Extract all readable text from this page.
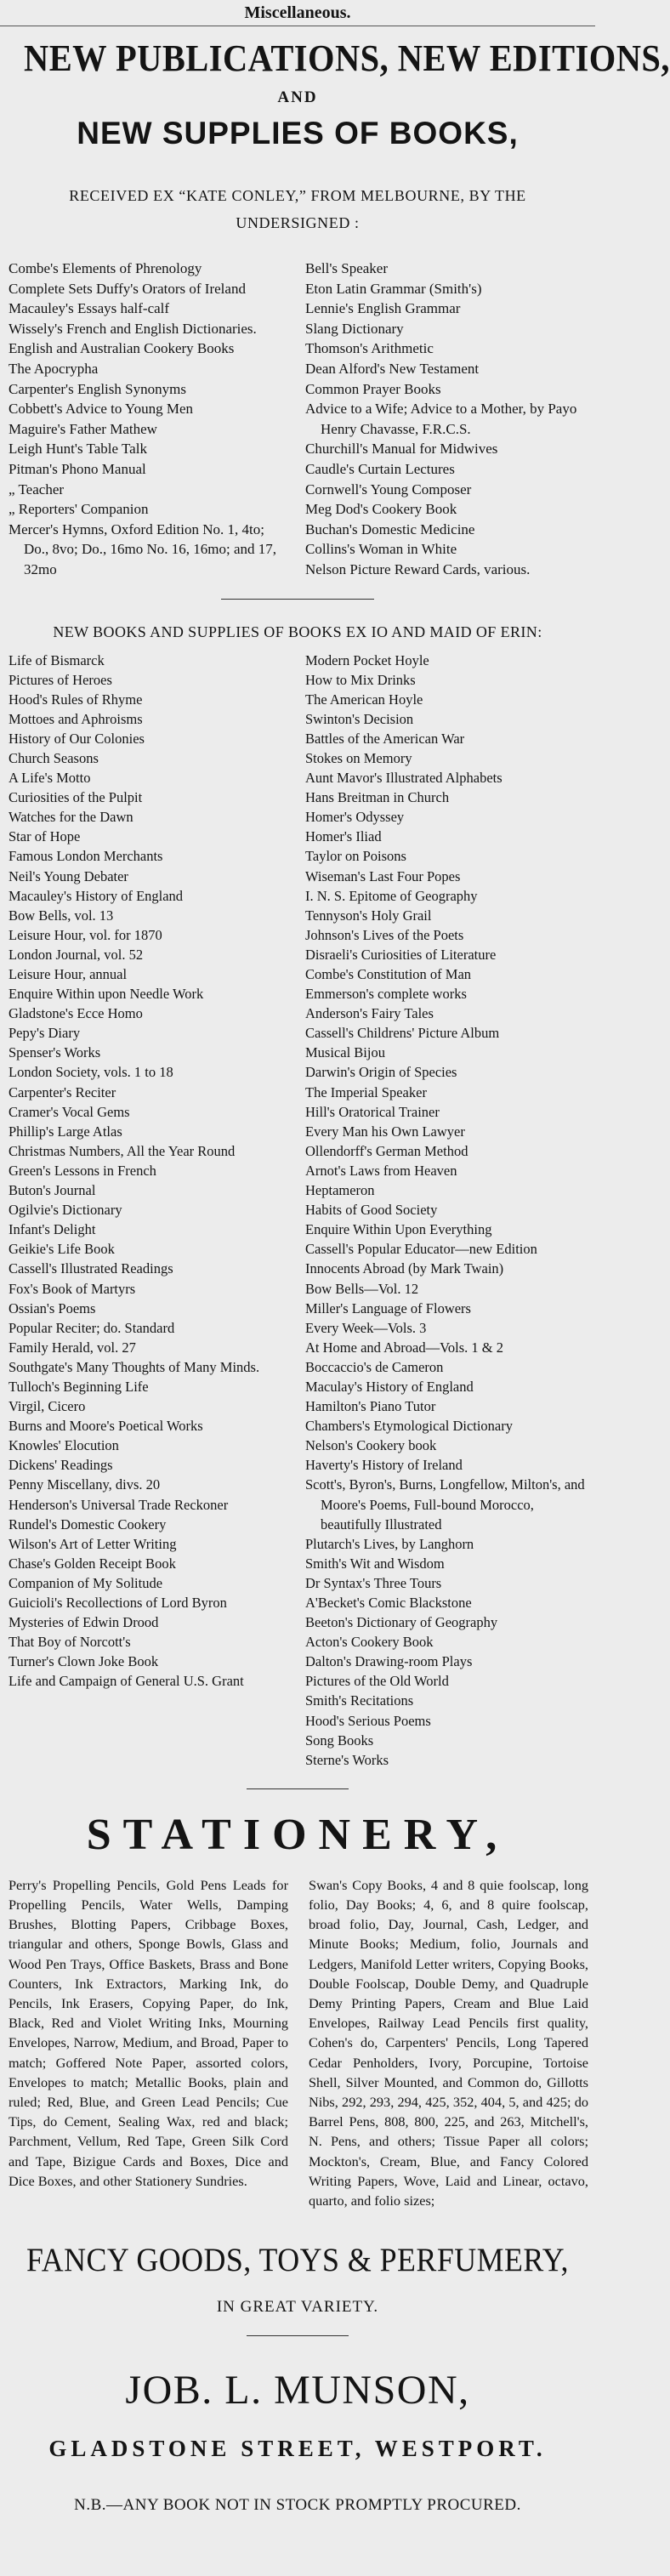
Miscellaneous.
NEW PUBLICATIONS, NEW EDITIONS,
AND
NEW SUPPLIES OF BOOKS,
RECEIVED EX “KATE CONLEY,” FROM MELBOURNE, BY THE
UNDERSIGNED :
Combe's Elements of Phrenology
Complete Sets Duffy's Orators of Ireland
Macauley's Essays half-calf
Wissely's French and English Dictionaries.
English and Australian Cookery Books
The Apocrypha
Carpenter's English Synonyms
Cobbett's Advice to Young Men
Maguire's Father Mathew
Leigh Hunt's Table Talk
Pitman's Phono Manual
„ Teacher
„ Reporters' Companion
Mercer's Hymns, Oxford Edition No. 1, 4to; Do., 8vo; Do., 16mo No. 16, 16mo; and 17, 32mo
Bell's Speaker
Eton Latin Grammar (Smith's)
Lennie's English Grammar
Slang Dictionary
Thomson's Arithmetic
Dean Alford's New Testament
Common Prayer Books
Advice to a Wife; Advice to a Mother, by Payo Henry Chavasse, F.R.C.S.
Churchill's Manual for Midwives
Caudle's Curtain Lectures
Cornwell's Young Composer
Meg Dod's Cookery Book
Buchan's Domestic Medicine
Collins's Woman in White
Nelson Picture Reward Cards, various.
NEW BOOKS AND SUPPLIES OF BOOKS EX IO AND MAID OF ERIN:
Life of Bismarck
Pictures of Heroes
Hood's Rules of Rhyme
Mottoes and Aphroisms
History of Our Colonies
Church Seasons
A Life's Motto
Curiosities of the Pulpit
Watches for the Dawn
Star of Hope
Famous London Merchants
Neil's Young Debater
Macauley's History of England
Bow Bells, vol. 13
Leisure Hour, vol. for 1870
London Journal, vol. 52
Leisure Hour, annual
Enquire Within upon Needle Work
Gladstone's Ecce Homo
Pepy's Diary
Spenser's Works
London Society, vols. 1 to 18
Carpenter's Reciter
Cramer's Vocal Gems
Phillip's Large Atlas
Christmas Numbers, All the Year Round
Green's Lessons in French
Buton's Journal
Ogilvie's Dictionary
Infant's Delight
Geikie's Life Book
Cassell's Illustrated Readings
Fox's Book of Martyrs
Ossian's Poems
Popular Reciter; do. Standard
Family Herald, vol. 27
Southgate's Many Thoughts of Many Minds.
Tulloch's Beginning Life
Virgil, Cicero
Burns and Moore's Poetical Works
Knowles' Elocution
Dickens' Readings
Penny Miscellany, divs. 20
Henderson's Universal Trade Reckoner
Rundel's Domestic Cookery
Wilson's Art of Letter Writing
Chase's Golden Receipt Book
Companion of My Solitude
Guicioli's Recollections of Lord Byron
Mysteries of Edwin Drood
That Boy of Norcott's
Turner's Clown Joke Book
Life and Campaign of General U.S. Grant
Modern Pocket Hoyle
How to Mix Drinks
The American Hoyle
Swinton's Decision
Battles of the American War
Stokes on Memory
Aunt Mavor's Illustrated Alphabets
Hans Breitman in Church
Homer's Odyssey
Homer's Iliad
Taylor on Poisons
Wiseman's Last Four Popes
I. N. S. Epitome of Geography
Tennyson's Holy Grail
Johnson's Lives of the Poets
Disraeli's Curiosities of Literature
Combe's Constitution of Man
Emmerson's complete works
Anderson's Fairy Tales
Cassell's Childrens' Picture Album
Musical Bijou
Darwin's Origin of Species
The Imperial Speaker
Hill's Oratorical Trainer
Every Man his Own Lawyer
Ollendorff's German Method
Arnot's Laws from Heaven
Heptameron
Habits of Good Society
Enquire Within Upon Everything
Cassell's Popular Educator—new Edition
Innocents Abroad (by Mark Twain)
Bow Bells—Vol. 12
Miller's Language of Flowers
Every Week—Vols. 3
At Home and Abroad—Vols. 1 & 2
Boccaccio's de Cameron
Maculay's History of England
Hamilton's Piano Tutor
Chambers's Etymological Dictionary
Nelson's Cookery book
Haverty's History of Ireland
Scott's, Byron's, Burns, Longfellow, Milton's, and Moore's Poems, Full-bound Morocco, beautifully Illustrated
Plutarch's Lives, by Langhorn
Smith's Wit and Wisdom
Dr Syntax's Three Tours
A'Becket's Comic Blackstone
Beeton's Dictionary of Geography
Acton's Cookery Book
Dalton's Drawing-room Plays
Pictures of the Old World
Smith's Recitations
Hood's Serious Poems
Song Books
Sterne's Works
STATIONERY,
Perry's Propelling Pencils, Gold Pens Leads for Propelling Pencils, Water Wells, Damping Brushes, Blotting Papers, Cribbage Boxes, triangular and others, Sponge Bowls, Glass and Wood Pen Trays, Office Baskets, Brass and Bone Counters, Ink Extractors, Marking Ink, do Pencils, Ink Erasers, Copying Paper, do Ink, Black, Red and Violet Writing Inks, Mourning Envelopes, Narrow, Medium, and Broad, Paper to match; Goffered Note Paper, assorted colors, Envelopes to match; Metallic Books, plain and ruled; Red, Blue, and Green Lead Pencils; Cue Tips, do Cement, Sealing Wax, red and black; Parchment, Vellum, Red Tape, Green Silk Cord and Tape, Bizigue Cards and Boxes, Dice and Dice Boxes, and other Stationery Sundries.
Swan's Copy Books, 4 and 8 quie foolscap, long folio, Day Books; 4, 6, and 8 quire foolscap, broad folio, Day, Journal, Cash, Ledger, and Minute Books; Medium, folio, Journals and Ledgers, Manifold Letter writers, Copying Books, Double Foolscap, Double Demy, and Quadruple Demy Printing Papers, Cream and Blue Laid Envelopes, Railway Lead Pencils first quality, Cohen's do, Carpenters' Pencils, Long Tapered Cedar Penholders, Ivory, Porcupine, Tortoise Shell, Silver Mounted, and Common do, Gillotts Nibs, 292, 293, 294, 425, 352, 404, 5, and 425; do Barrel Pens, 808, 800, 225, and 263, Mitchell's, N. Pens, and others; Tissue Paper all colors; Mockton's, Cream, Blue, and Fancy Colored Writing Papers, Wove, Laid and Linear, octavo, quarto, and folio sizes;
FANCY GOODS, TOYS & PERFUMERY,
IN GREAT VARIETY.
JOB. L. MUNSON,
GLADSTONE STREET, WESTPORT.
N.B.—ANY BOOK NOT IN STOCK PROMPTLY PROCURED.
